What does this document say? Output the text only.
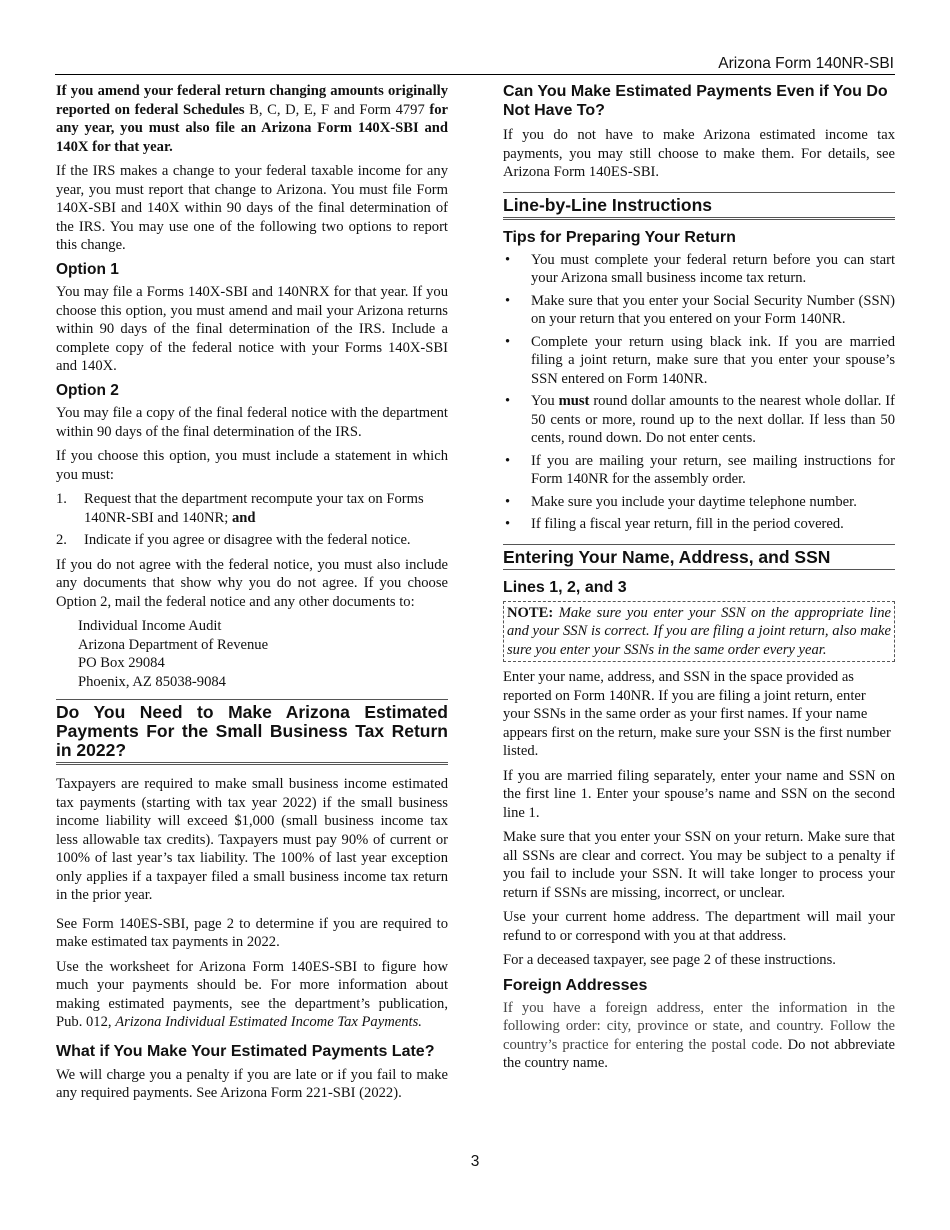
Arizona Form 140NR-SBI

If you amend your federal return changing amounts originally reported on federal Schedules B, C, D, E, F and Form 4797 for any year, you must also file an Arizona Form 140X-SBI and 140X for that year.

If the IRS makes a change to your federal taxable income for any year, you must report that change to Arizona. You must file Form 140X-SBI and 140X within 90 days of the final determination of the IRS. You may use one of the following two options to report this change.

Option 1

You may file a Forms 140X-SBI and 140NRX for that year. If you choose this option, you must amend and mail your Arizona returns within 90 days of the final determination of the IRS. Include a complete copy of the federal notice with your Forms 140X-SBI and 140X.

Option 2

You may file a copy of the final federal notice with the department within 90 days of the final determination of the IRS.

If you choose this option, you must include a statement in which you must:

1. Request that the department recompute your tax on Forms 140NR-SBI and 140NR; and
2. Indicate if you agree or disagree with the federal notice.

If you do not agree with the federal notice, you must also include any documents that show why you do not agree. If you choose Option 2, mail the federal notice and any other documents to:

Individual Income Audit
Arizona Department of Revenue
PO Box 29084
Phoenix, AZ 85038-9084
Do You Need to Make Arizona Estimated Payments For the Small Business Tax Return in 2022?

Taxpayers are required to make small business income estimated tax payments (starting with tax year 2022) if the small business income liability will exceed $1,000 (small business income tax less allowable tax credits). Taxpayers must pay 90% of current or 100% of last year’s tax liability. The 100% of last year exception only applies if a taxpayer filed a small business income tax return in the prior year.

See Form 140ES-SBI, page 2 to determine if you are required to make estimated tax payments in 2022.

Use the worksheet for Arizona Form 140ES-SBI to figure how much your payments should be. For more information about making estimated payments, see the department’s publication, Pub. 012, Arizona Individual Estimated Income Tax Payments.

What if You Make Your Estimated Payments Late?

We will charge you a penalty if you are late or if you fail to make any required payments. See Arizona Form 221-SBI (2022).

Can You Make Estimated Payments Even if You Do Not Have To?

If you do not have to make Arizona estimated income tax payments, you may still choose to make them. For details, see Arizona Form 140ES-SBI.

Line-by-Line Instructions
Tips for Preparing Your Return
• You must complete your federal return before you can start your Arizona small business income tax return.
• Make sure that you enter your Social Security Number (SSN) on your return that you entered on your Form 140NR.
• Complete your return using black ink. If you are married filing a joint return, make sure that you enter your spouse’s SSN entered on Form 140NR.
• You must round dollar amounts to the nearest whole dollar. If 50 cents or more, round up to the next dollar. If less than 50 cents, round down. Do not enter cents.
• If you are mailing your return, see mailing instructions for Form 140NR for the assembly order.
• Make sure you include your daytime telephone number.
• If filing a fiscal year return, fill in the period covered.
Entering Your Name, Address, and SSN
Lines 1, 2, and 3
NOTE: Make sure you enter your SSN on the appropriate line and your SSN is correct. If you are filing a joint return, also make sure you enter your SSNs in the same order every year.

Enter your name, address, and SSN in the space provided as reported on Form 140NR. If you are filing a joint return, enter your SSNs in the same order as your first names. If your name appears first on the return, make sure your SSN is the first number listed.

If you are married filing separately, enter your name and SSN on the first line 1. Enter your spouse’s name and SSN on the second line 1.

Make sure that you enter your SSN on your return. Make sure that all SSNs are clear and correct. You may be subject to a penalty if you fail to include your SSN. It will take longer to process your return if SSNs are missing, incorrect, or unclear.

Use your current home address. The department will mail your refund to or correspond with you at that address.

For a deceased taxpayer, see page 2 of these instructions.

Foreign Addresses

If you have a foreign address, enter the information in the following order: city, province or state, and country. Follow the country’s practice for entering the postal code. Do not abbreviate the country name.

3
